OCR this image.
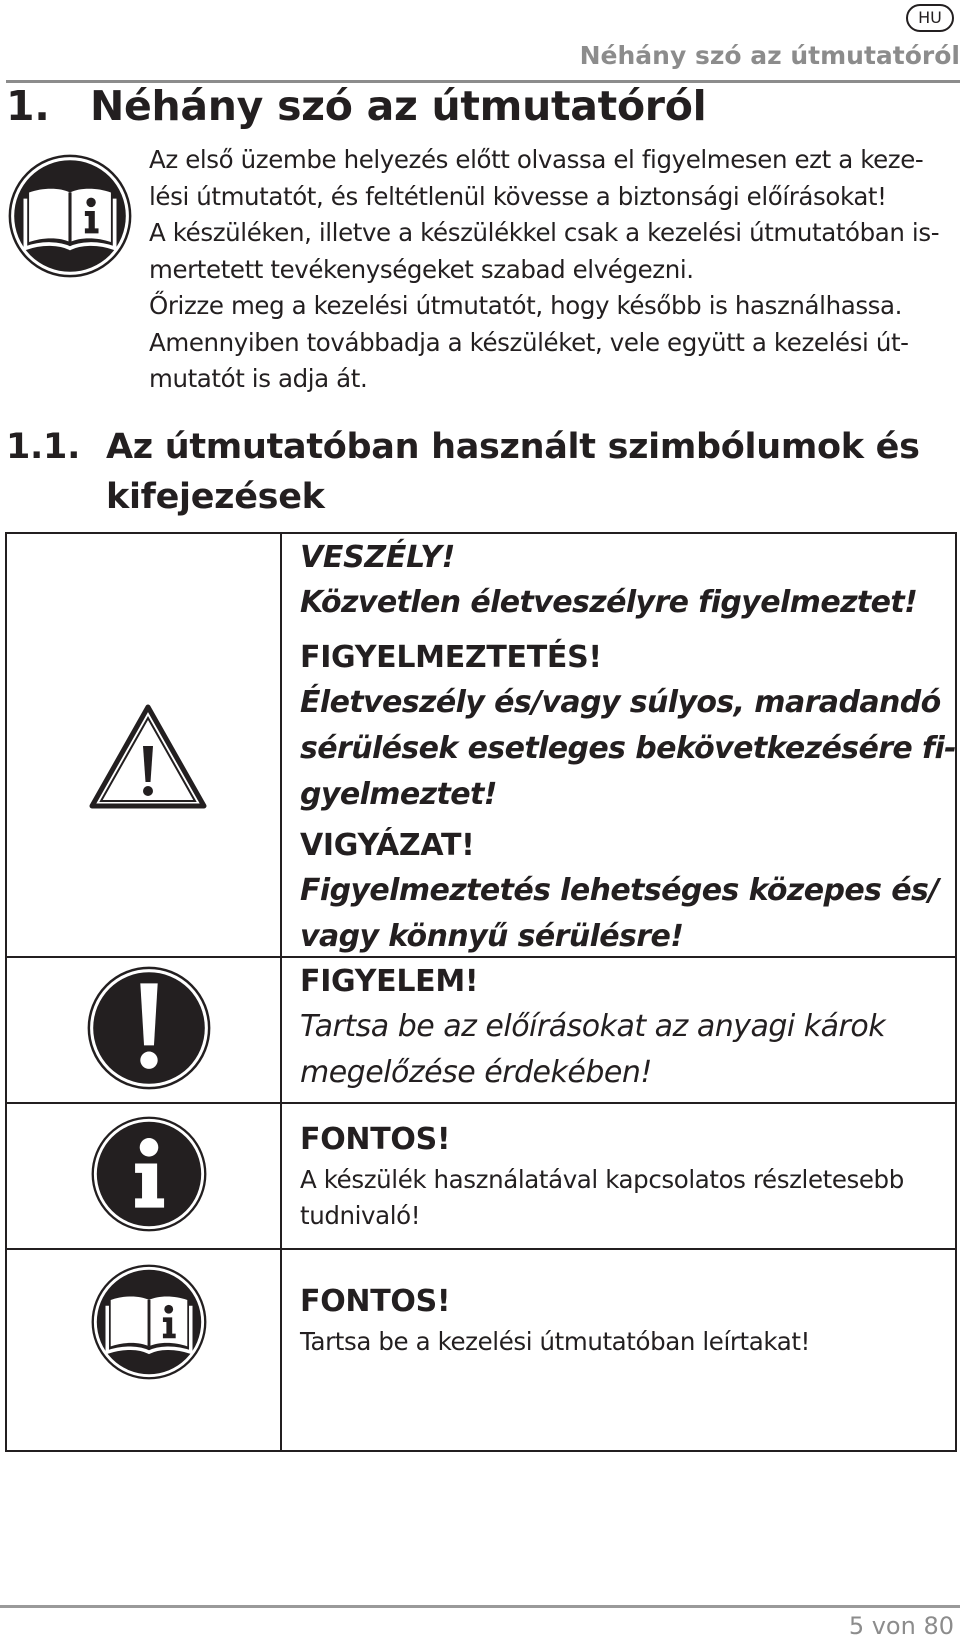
HU
Néhány szó az útmutatóról
1. Néhány szó az útmutatóról

Az első üzembe helyezés előtt olvassa el figyelmesen ezt a keze-

lési útmutatót, és feltétlenül kövesse a biztonsági előírásokat!

A készüléken, illetve a készülékkel csak a kezelési útmutatóban is-

mertetett tevékenységeket szabad elvégezni.

Őrizze meg a kezelési útmutatót, hogy később is használhassa.

Amennyiben továbbadja a készüléket, vele együtt a kezelési út-

mutatót is adja át.

1.1. Az útmutatóban használt szimbólumok és
kifejezések
VESZÉLY!
Közvetlen életveszélyre figyelmeztet!
FIGYELMEZTETÉS!
Életveszély és/vagy súlyos, maradandó
sérülések esetleges bekövetkezésére fi-
gyelmeztet!
VIGYÁZAT!
Figyelmeztetés lehetséges közepes és/
vagy könnyű sérülésre!
FIGYELEM!
Tartsa be az előírásokat az anyagi károk
megelőzése érdekében!
FONTOS!
A készülék használatával kapcsolatos részletesebb
tudnivaló!
FONTOS!
Tartsa be a kezelési útmutatóban leírtakat!
5 von 80
